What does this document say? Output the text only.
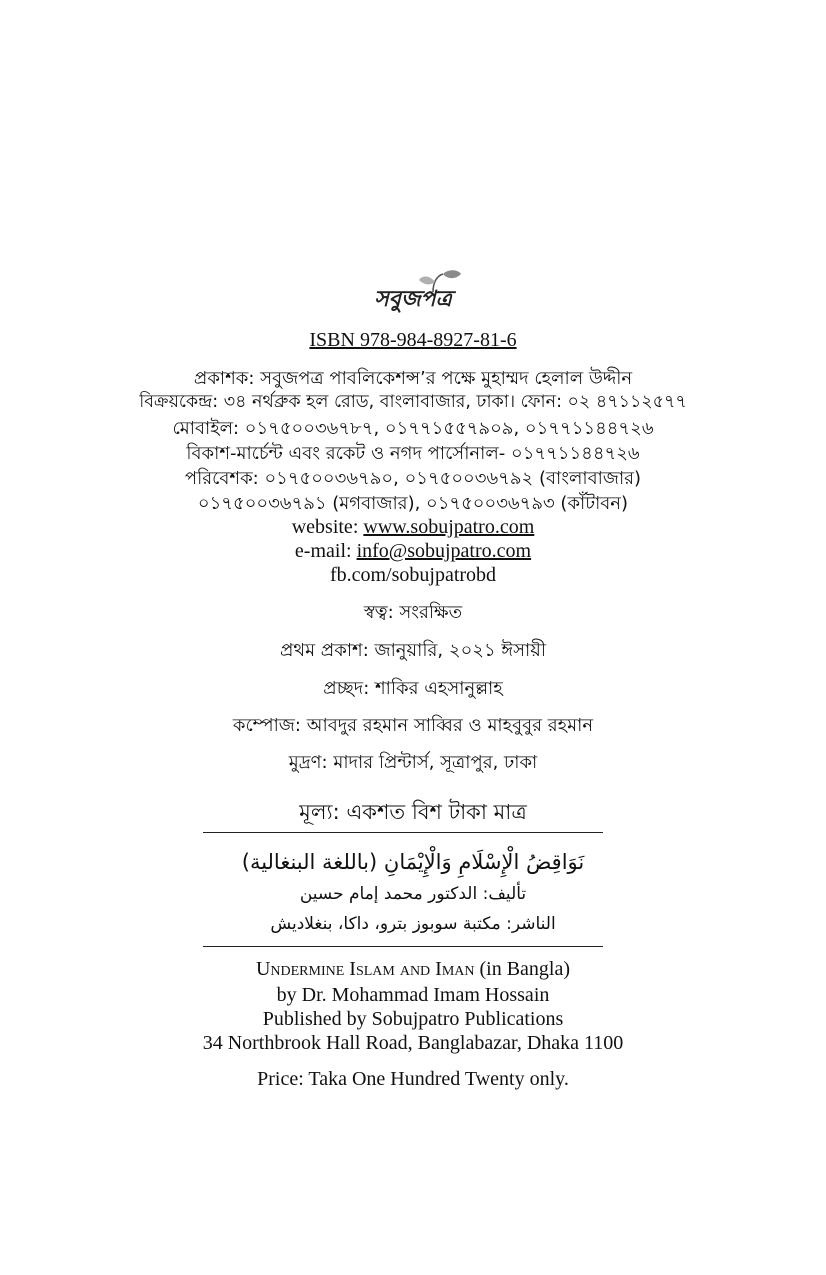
সবুজপত্র
ISBN 978-984-8927-81-6
প্রকাশক: সবুজপত্র পাবলিকেশন্স’র পক্ষে মুহাম্মদ হেলাল উদ্দীন
বিক্রয়কেন্দ্র: ৩৪ নর্থব্রুক হল রোড, বাংলাবাজার, ঢাকা। ফোন: ০২ ৪৭১১২৫৭৭
মোবাইল: ০১৭৫০০৩৬৭৮৭, ০১৭৭১৫৫৭৯০৯, ০১৭৭১১৪৪৭২৬
বিকাশ-মার্চেন্ট এবং রকেট ও নগদ পার্সোনাল- ০১৭৭১১৪৪৭২৬
পরিবেশক: ০১৭৫০০৩৬৭৯০, ০১৭৫০০৩৬৭৯২ (বাংলাবাজার)
০১৭৫০০৩৬৭৯১ (মগবাজার), ০১৭৫০০৩৬৭৯৩ (কাঁটাবন)
website: www.sobujpatro.com
e-mail: info@sobujpatro.com
fb.com/sobujpatrobd
স্বত্ব: সংরক্ষিত
প্রথম প্রকাশ: জানুয়ারি, ২০২১ ঈসায়ী
প্রচ্ছদ: শাকির এহসানুল্লাহ
কম্পোজ: আবদুর রহমান সাব্বির ও মাহবুবুর রহমান
মুদ্রণ: মাদার প্রিন্টার্স, সূত্রাপুর, ঢাকা
মূল্য: একশত বিশ টাকা মাত্র
نَوَاقِضُ الْإِسْلَامِ وَالْإِيْمَانِ (باللغة البنغالية)
تأليف: الدكتور محمد إمام حسين
الناشر: مكتبة سوبوز بترو، داكا، بنغلاديش
Undermine Islam and Iman (in Bangla)
by Dr. Mohammad Imam Hossain
Published by Sobujpatro Publications
34 Northbrook Hall Road, Banglabazar, Dhaka 1100
Price: Taka One Hundred Twenty only.
